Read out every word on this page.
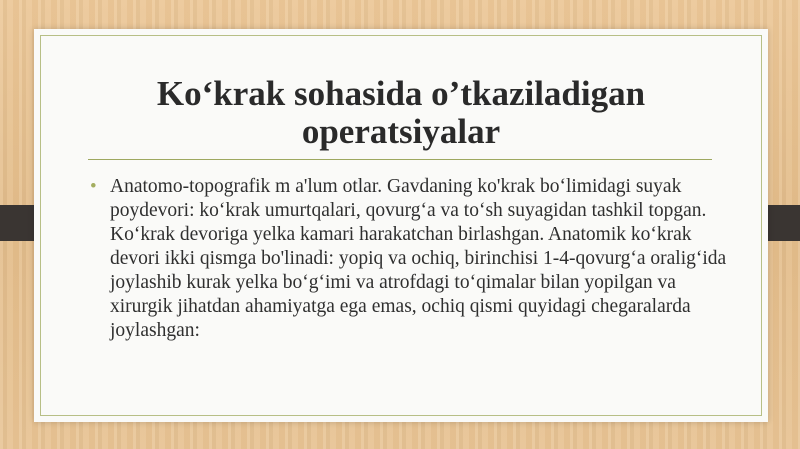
Ko‘krak sohasida o’tkaziladigan operatsiyalar
• Anatomo-topografik m a'lum otlar. Gavdaning ko'krak bo‘limidagi suyak poydevori: ko‘krak umurtqalari, qovurg‘a va to‘sh suyagidan tashkil topgan. Ko‘krak devoriga yelka kamari harakatchan birlashgan. Anatomik ko‘krak devori ikki qismga bo'linadi: yopiq va ochiq, birinchisi 1-4-qovurg‘a oralig‘ida joylashib kurak yelka bo‘g‘imi va atrofdagi to‘qimalar bilan yopilgan va xirurgik jihatdan ahamiyatga ega emas, ochiq qismi quyidagi chegaralarda joylashgan:
